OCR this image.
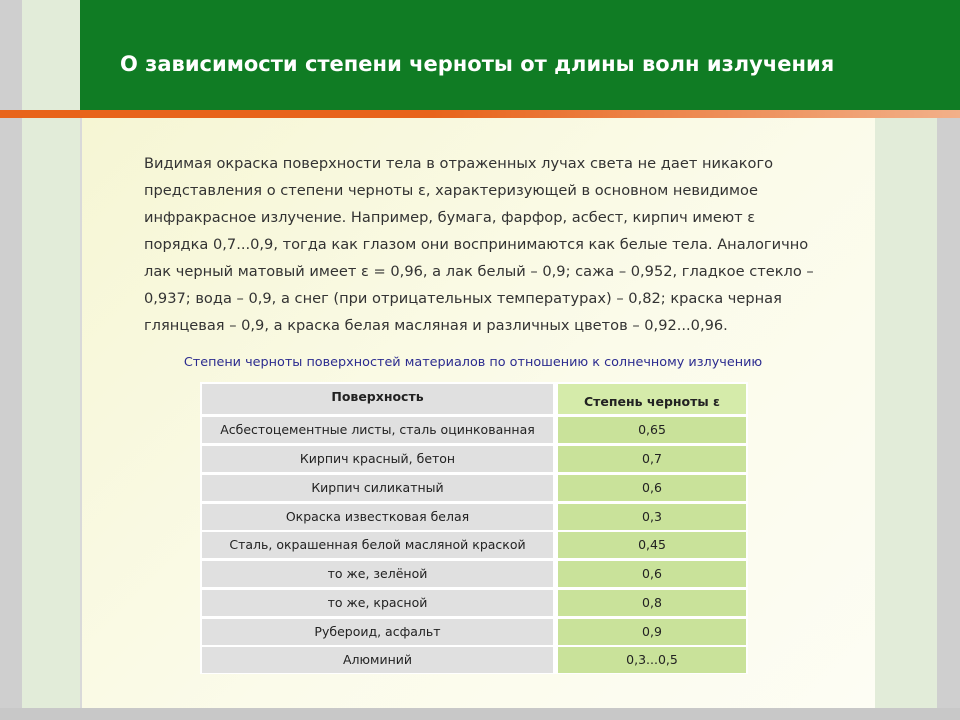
О зависимости степени черноты от длины волн излучения

Видимая окраска поверхности тела в отраженных лучах света не дает никакого
представления о степени черноты ε, характеризующей в основном невидимое
инфракрасное излучение. Например, бумага, фарфор, асбест, кирпич имеют ε
порядка 0,7...0,9, тогда как глазом они воспринимаются как белые тела. Аналогично
лак черный матовый имеет ε = 0,96, а лак белый – 0,9; сажа – 0,952, гладкое стекло –
0,937; вода – 0,9, а снег (при отрицательных температурах) – 0,82; краска черная
глянцевая – 0,9, а краска белая масляная и различных цветов – 0,92...0,96.

Степени черноты поверхностей материалов по отношению к солнечному излучению
Поверхность	Степень черноты ε
Асбестоцементные листы, сталь оцинкованная	0,65
Кирпич красный, бетон	0,7
Кирпич силикатный	0,6
Окраска известковая белая	0,3
Сталь, окрашенная белой масляной краской	0,45
то же, зелёной	0,6
то же, красной	0,8
Рубероид, асфальт	0,9
Алюминий	0,3...0,5
